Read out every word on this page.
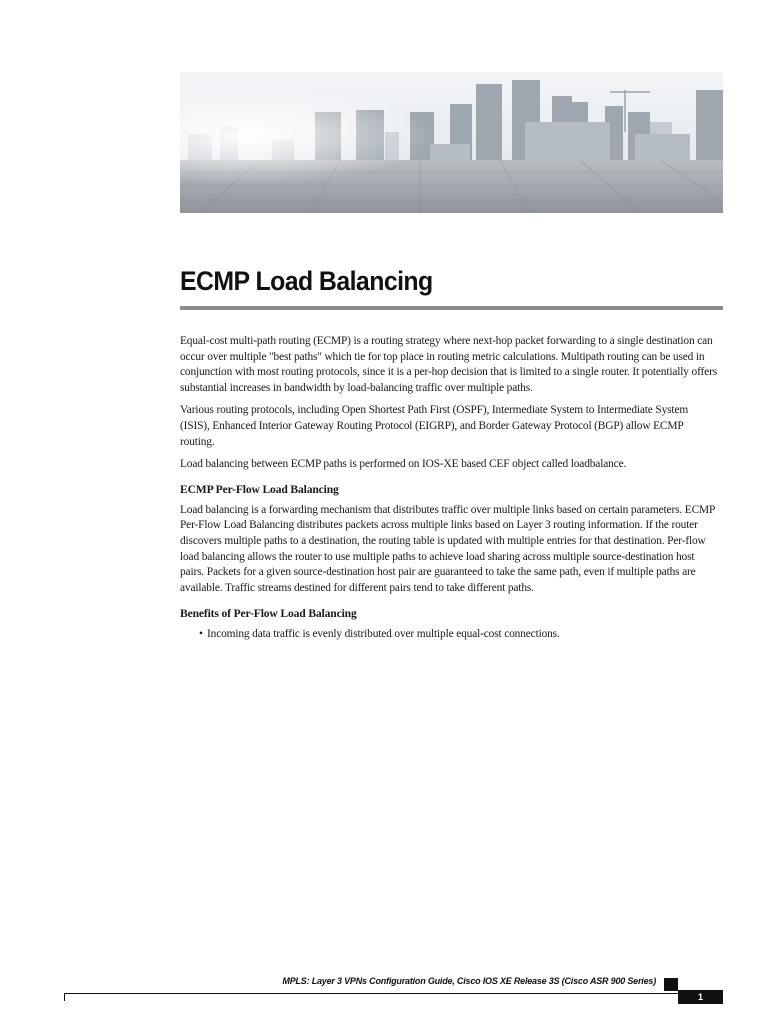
ECMP Load Balancing

Equal-cost multi-path routing (ECMP) is a routing strategy where next-hop packet forwarding to a single destination can occur over multiple "best paths" which tie for top place in routing metric calculations. Multipath routing can be used in conjunction with most routing protocols, since it is a per-hop decision that is limited to a single router. It potentially offers substantial increases in bandwidth by load-balancing traffic over multiple paths.

Various routing protocols, including Open Shortest Path First (OSPF), Intermediate System to Intermediate System (ISIS), Enhanced Interior Gateway Routing Protocol (EIGRP), and Border Gateway Protocol (BGP) allow ECMP routing.

Load balancing between ECMP paths is performed on IOS-XE based CEF object called loadbalance.

ECMP Per-Flow Load Balancing

Load balancing is a forwarding mechanism that distributes traffic over multiple links based on certain parameters. ECMP Per-Flow Load Balancing distributes packets across multiple links based on Layer 3 routing information. If the router discovers multiple paths to a destination, the routing table is updated with multiple entries for that destination. Per-flow load balancing allows the router to use multiple paths to achieve load sharing across multiple source-destination host pairs. Packets for a given source-destination host pair are guaranteed to take the same path, even if multiple paths are available. Traffic streams destined for different pairs tend to take different paths.

Benefits of Per-Flow Load Balancing
• Incoming data traffic is evenly distributed over multiple equal-cost connections.

MPLS: Layer 3 VPNs Configuration Guide, Cisco IOS XE Release 3S (Cisco ASR 900 Series)

1
